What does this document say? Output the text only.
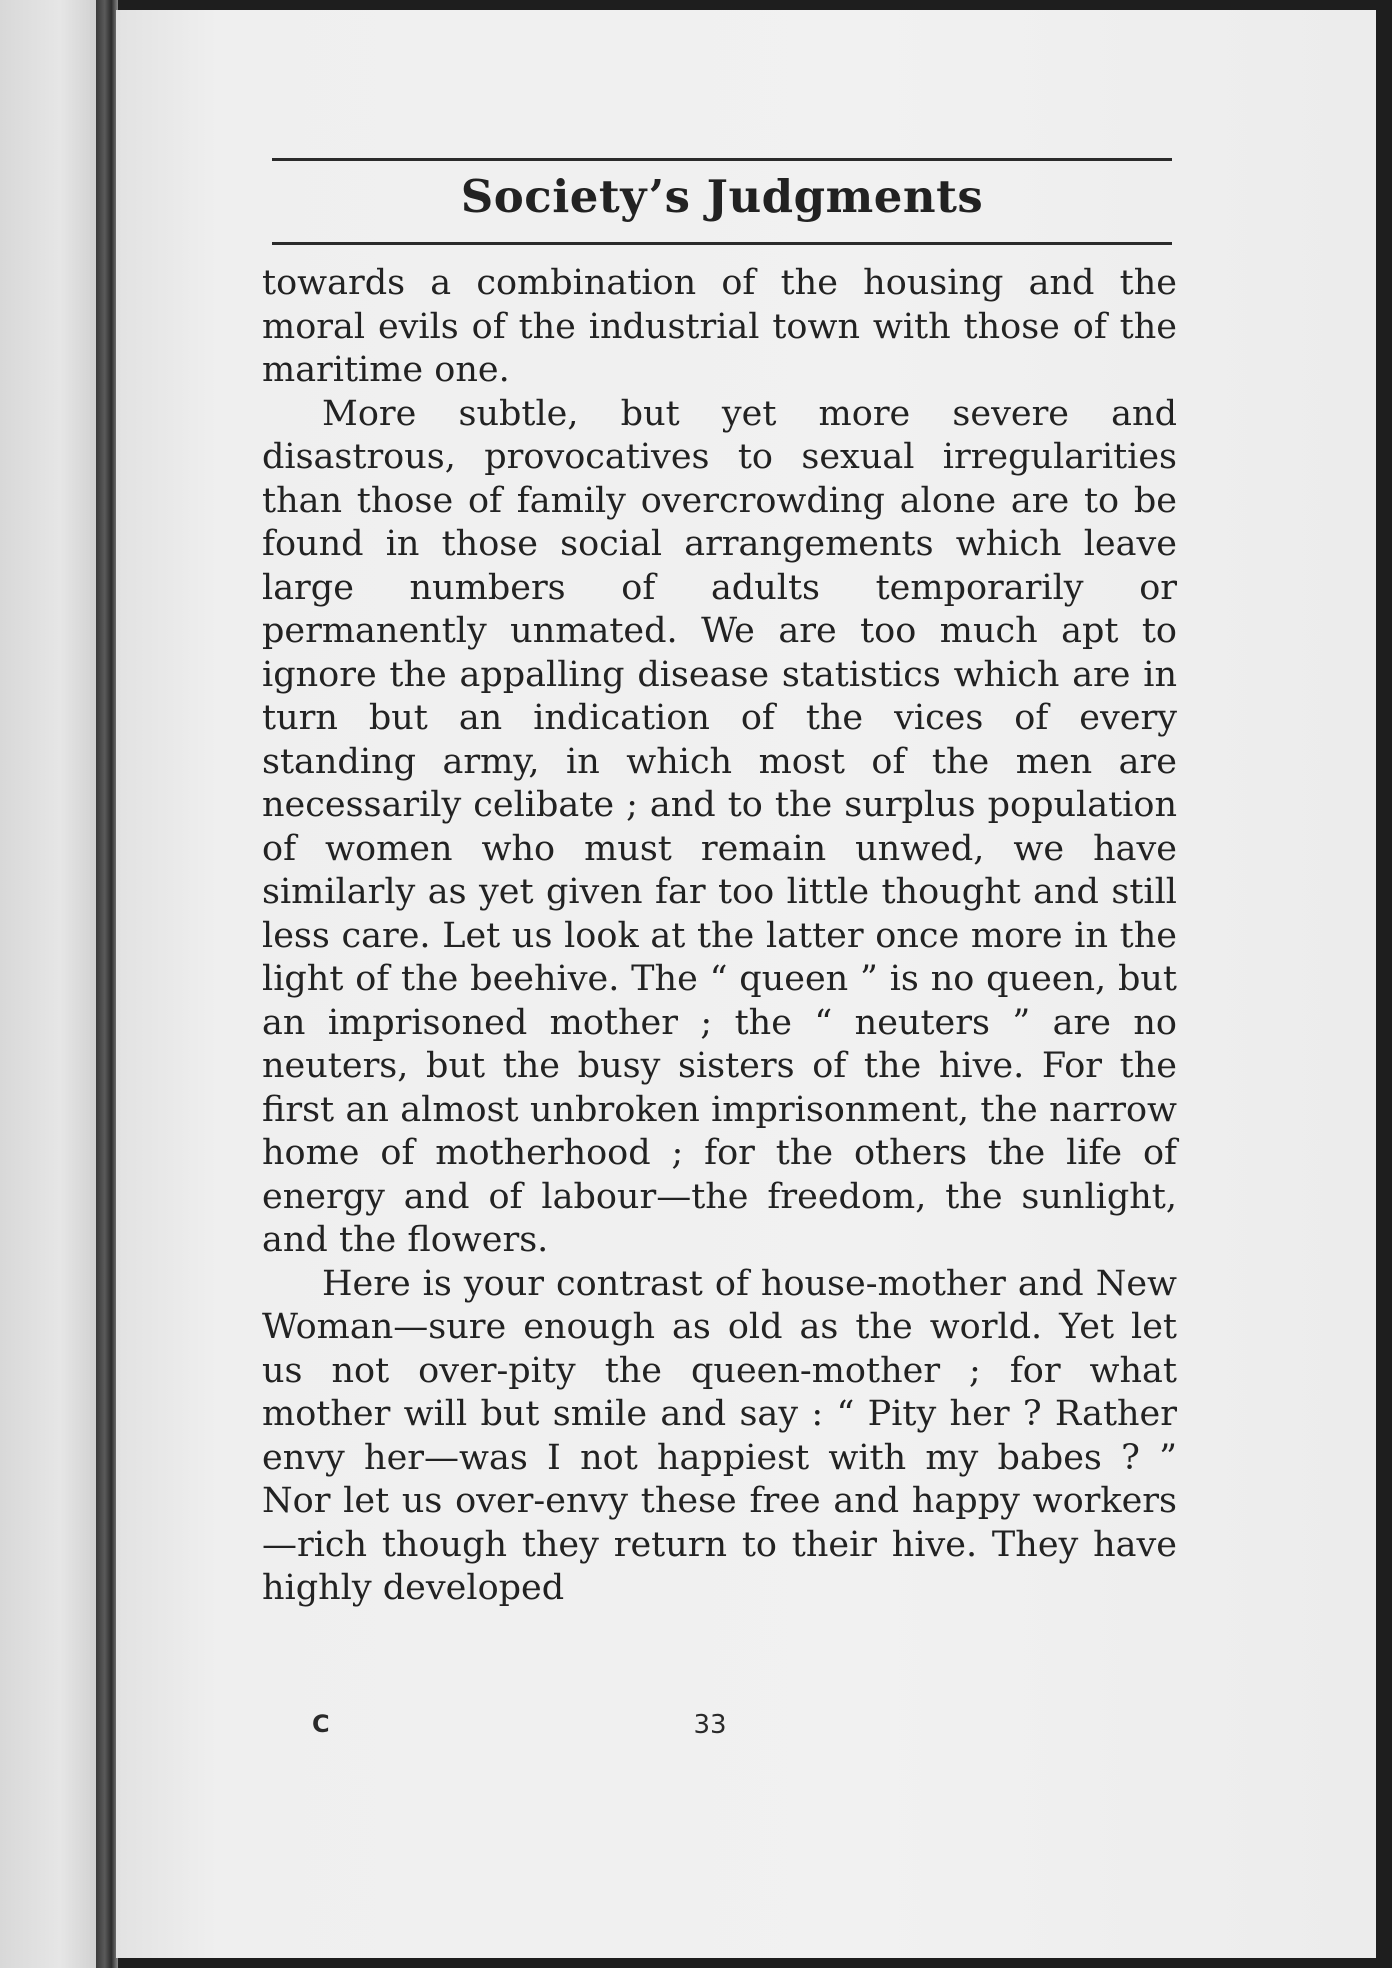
Society’s Judgments

towards a combination of the housing and the moral evils of the industrial town with those of the maritime one.

More subtle, but yet more severe and disastrous, provocatives to sexual irregularities than those of family overcrowding alone are to be found in those social arrangements which leave large numbers of adults temporarily or permanently unmated. We are too much apt to ignore the appalling disease statistics which are in turn but an indication of the vices of every standing army, in which most of the men are necessarily celibate ; and to the surplus population of women who must remain unwed, we have similarly as yet given far too little thought and still less care. Let us look at the latter once more in the light of the beehive. The “ queen ” is no queen, but an imprisoned mother ; the “ neuters ” are no neuters, but the busy sisters of the hive. For the first an almost unbroken imprisonment, the narrow home of motherhood ; for the others the life of energy and of labour—the freedom, the sunlight, and the flowers.

Here is your contrast of house-mother and New Woman—sure enough as old as the world. Yet let us not over-pity the queen-mother ; for what mother will but smile and say : “ Pity her ? Rather envy her—was I not happiest with my babes ? ” Nor let us over-envy these free and happy workers—rich though they return to their hive. They have highly developed

C	33
